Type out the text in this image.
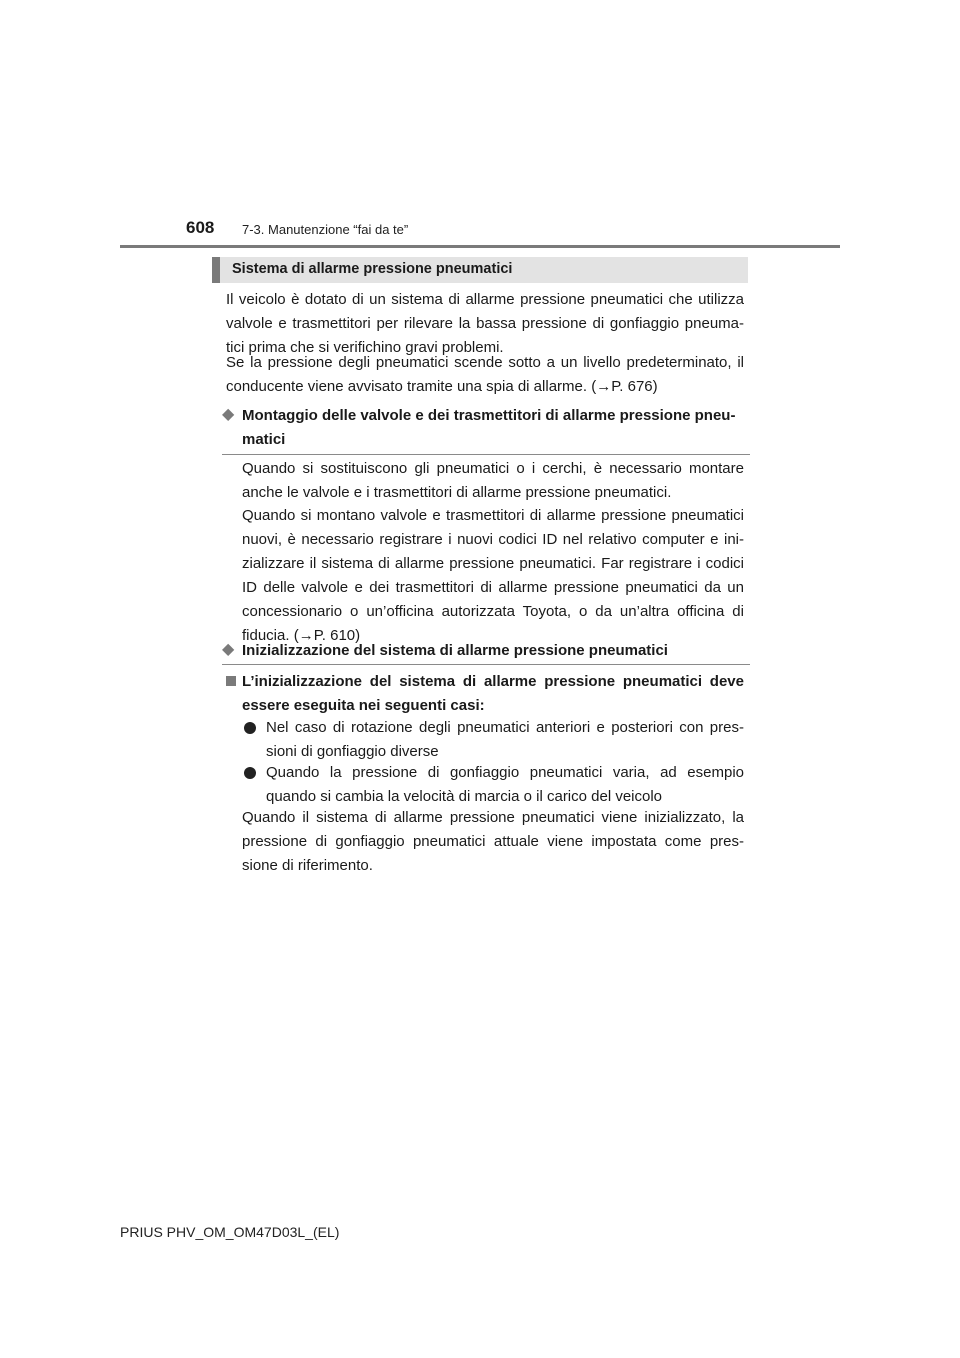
608 7-3. Manutenzione “fai da te”
Sistema di allarme pressione pneumatici

Il veicolo è dotato di un sistema di allarme pressione pneumatici che utilizza valvole e trasmettitori per rilevare la bassa pressione di gonfiaggio pneuma-tici prima che si verifichino gravi problemi.

Se la pressione degli pneumatici scende sotto a un livello predeterminato, il conducente viene avvisato tramite una spia di allarme. (→P. 676)

◆ Montaggio delle valvole e dei trasmettitori di allarme pressione pneu-matici

Quando si sostituiscono gli pneumatici o i cerchi, è necessario montare anche le valvole e i trasmettitori di allarme pressione pneumatici.

Quando si montano valvole e trasmettitori di allarme pressione pneumatici nuovi, è necessario registrare i nuovi codici ID nel relativo computer e ini-zializzare il sistema di allarme pressione pneumatici. Far registrare i codici ID delle valvole e dei trasmettitori di allarme pressione pneumatici da un concessionario o un’officina autorizzata Toyota, o da un’altra officina di fiducia. (→P. 610)

◆ Inizializzazione del sistema di allarme pressione pneumatici
L’inizializzazione del sistema di allarme pressione pneumatici deve essere eseguita nei seguenti casi:
Nel caso di rotazione degli pneumatici anteriori e posteriori con pres-sioni di gonfiaggio diverse
Quando la pressione di gonfiaggio pneumatici varia, ad esempio quando si cambia la velocità di marcia o il carico del veicolo

Quando il sistema di allarme pressione pneumatici viene inizializzato, la pressione di gonfiaggio pneumatici attuale viene impostata come pres-sione di riferimento.

PRIUS PHV_OM_OM47D03L_(EL)
